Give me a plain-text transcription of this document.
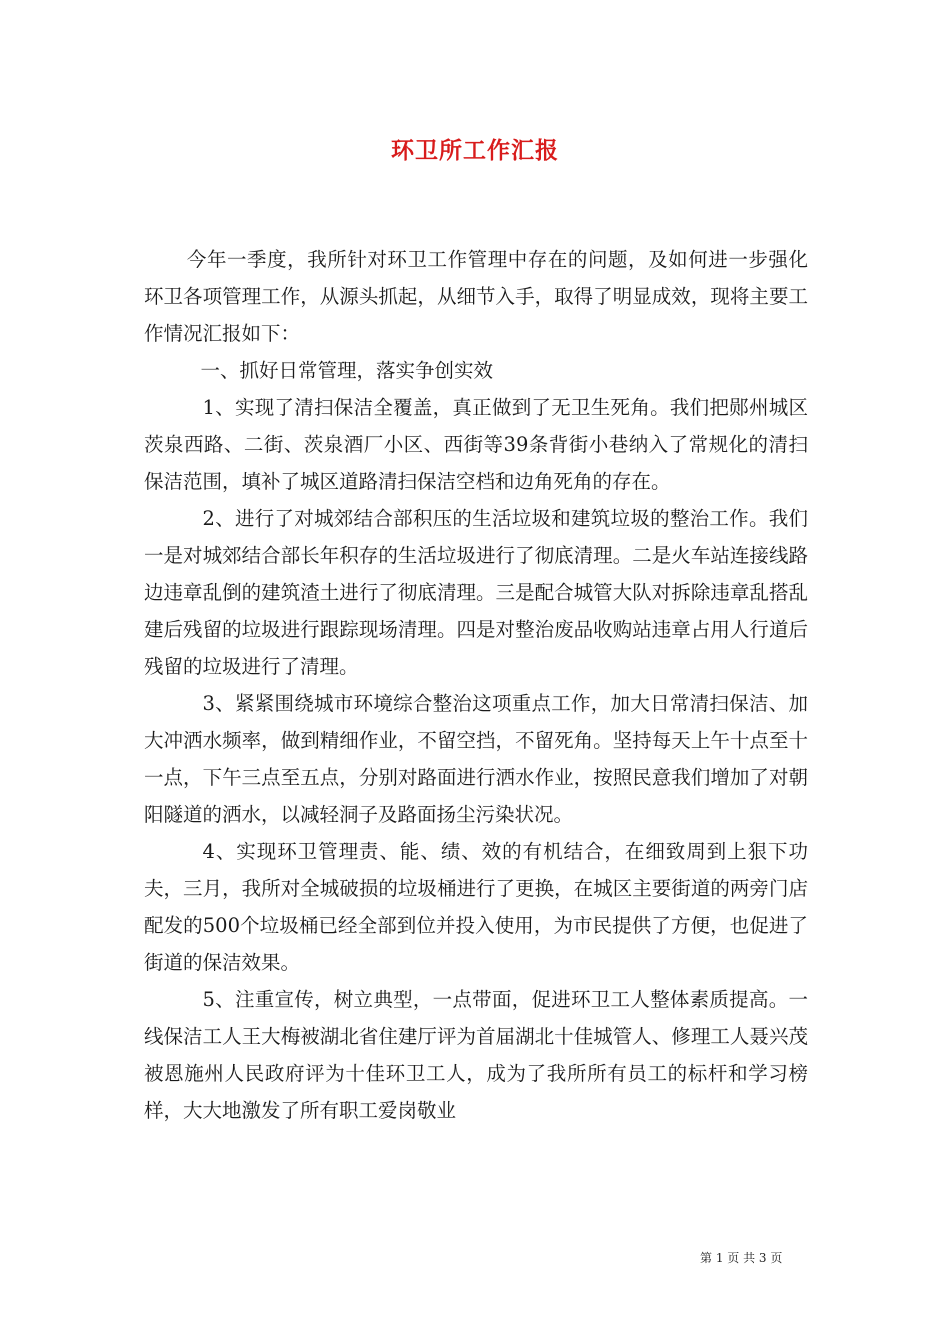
环卫所工作汇报

今年一季度，我所针对环卫工作管理中存在的问题，及如何进一步强化环卫各项管理工作，从源头抓起，从细节入手，取得了明显成效，现将主要工作情况汇报如下：

一、抓好日常管理，落实争创实效

1、实现了清扫保洁全覆盖，真正做到了无卫生死角。我们把郧州城区茨泉西路、二街、茨泉酒厂小区、西街等39条背街小巷纳入了常规化的清扫保洁范围，填补了城区道路清扫保洁空档和边角死角的存在。

2、进行了对城郊结合部积压的生活垃圾和建筑垃圾的整治工作。我们一是对城郊结合部长年积存的生活垃圾进行了彻底清理。二是火车站连接线路边违章乱倒的建筑渣土进行了彻底清理。三是配合城管大队对拆除违章乱搭乱建后残留的垃圾进行跟踪现场清理。四是对整治废品收购站违章占用人行道后残留的垃圾进行了清理。

3、紧紧围绕城市环境综合整治这项重点工作，加大日常清扫保洁、加大冲洒水频率，做到精细作业，不留空挡，不留死角。坚持每天上午十点至十一点，下午三点至五点，分别对路面进行洒水作业，按照民意我们增加了对朝阳隧道的洒水，以减轻洞子及路面扬尘污染状况。

4、实现环卫管理责、能、绩、效的有机结合，在细致周到上狠下功夫，三月，我所对全城破损的垃圾桶进行了更换，在城区主要街道的两旁门店配发的500个垃圾桶已经全部到位并投入使用，为市民提供了方便，也促进了街道的保洁效果。

5、注重宣传，树立典型，一点带面，促进环卫工人整体素质提高。一线保洁工人王大梅被湖北省住建厅评为首届湖北十佳城管人、修理工人聂兴茂被恩施州人民政府评为十佳环卫工人，成为了我所所有员工的标杆和学习榜样，大大地激发了所有职工爱岗敬业

第 1 页 共 3 页
